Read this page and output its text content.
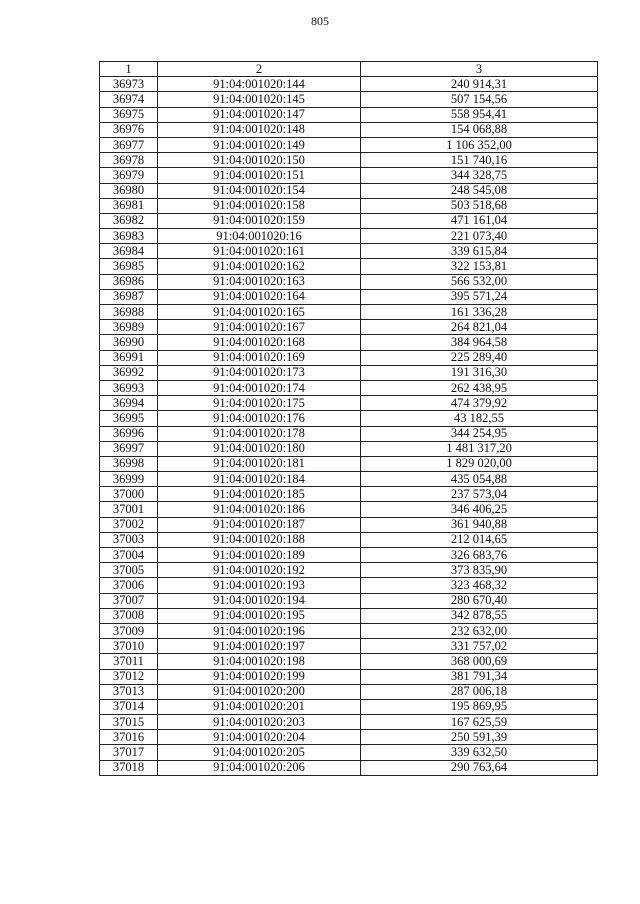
805
1	2	3
36973	91:04:001020:144	240 914,31
36974	91:04:001020:145	507 154,56
36975	91:04:001020:147	558 954,41
36976	91:04:001020:148	154 068,88
36977	91:04:001020:149	1 106 352,00
36978	91:04:001020:150	151 740,16
36979	91:04:001020:151	344 328,75
36980	91:04:001020:154	248 545,08
36981	91:04:001020:158	503 518,68
36982	91:04:001020:159	471 161,04
36983	91:04:001020:16	221 073,40
36984	91:04:001020:161	339 615,84
36985	91:04:001020:162	322 153,81
36986	91:04:001020:163	566 532,00
36987	91:04:001020:164	395 571,24
36988	91:04:001020:165	161 336,28
36989	91:04:001020:167	264 821,04
36990	91:04:001020:168	384 964,58
36991	91:04:001020:169	225 289,40
36992	91:04:001020:173	191 316,30
36993	91:04:001020:174	262 438,95
36994	91:04:001020:175	474 379,92
36995	91:04:001020:176	43 182,55
36996	91:04:001020:178	344 254,95
36997	91:04:001020:180	1 481 317,20
36998	91:04:001020:181	1 829 020,00
36999	91:04:001020:184	435 054,88
37000	91:04:001020:185	237 573,04
37001	91:04:001020:186	346 406,25
37002	91:04:001020:187	361 940,88
37003	91:04:001020:188	212 014,65
37004	91:04:001020:189	326 683,76
37005	91:04:001020:192	373 835,90
37006	91:04:001020:193	323 468,32
37007	91:04:001020:194	280 670,40
37008	91:04:001020:195	342 878,55
37009	91:04:001020:196	232 632,00
37010	91:04:001020:197	331 757,02
37011	91:04:001020:198	368 000,69
37012	91:04:001020:199	381 791,34
37013	91:04:001020:200	287 006,18
37014	91:04:001020:201	195 869,95
37015	91:04:001020:203	167 625,59
37016	91:04:001020:204	250 591,39
37017	91:04:001020:205	339 632,50
37018	91:04:001020:206	290 763,64
